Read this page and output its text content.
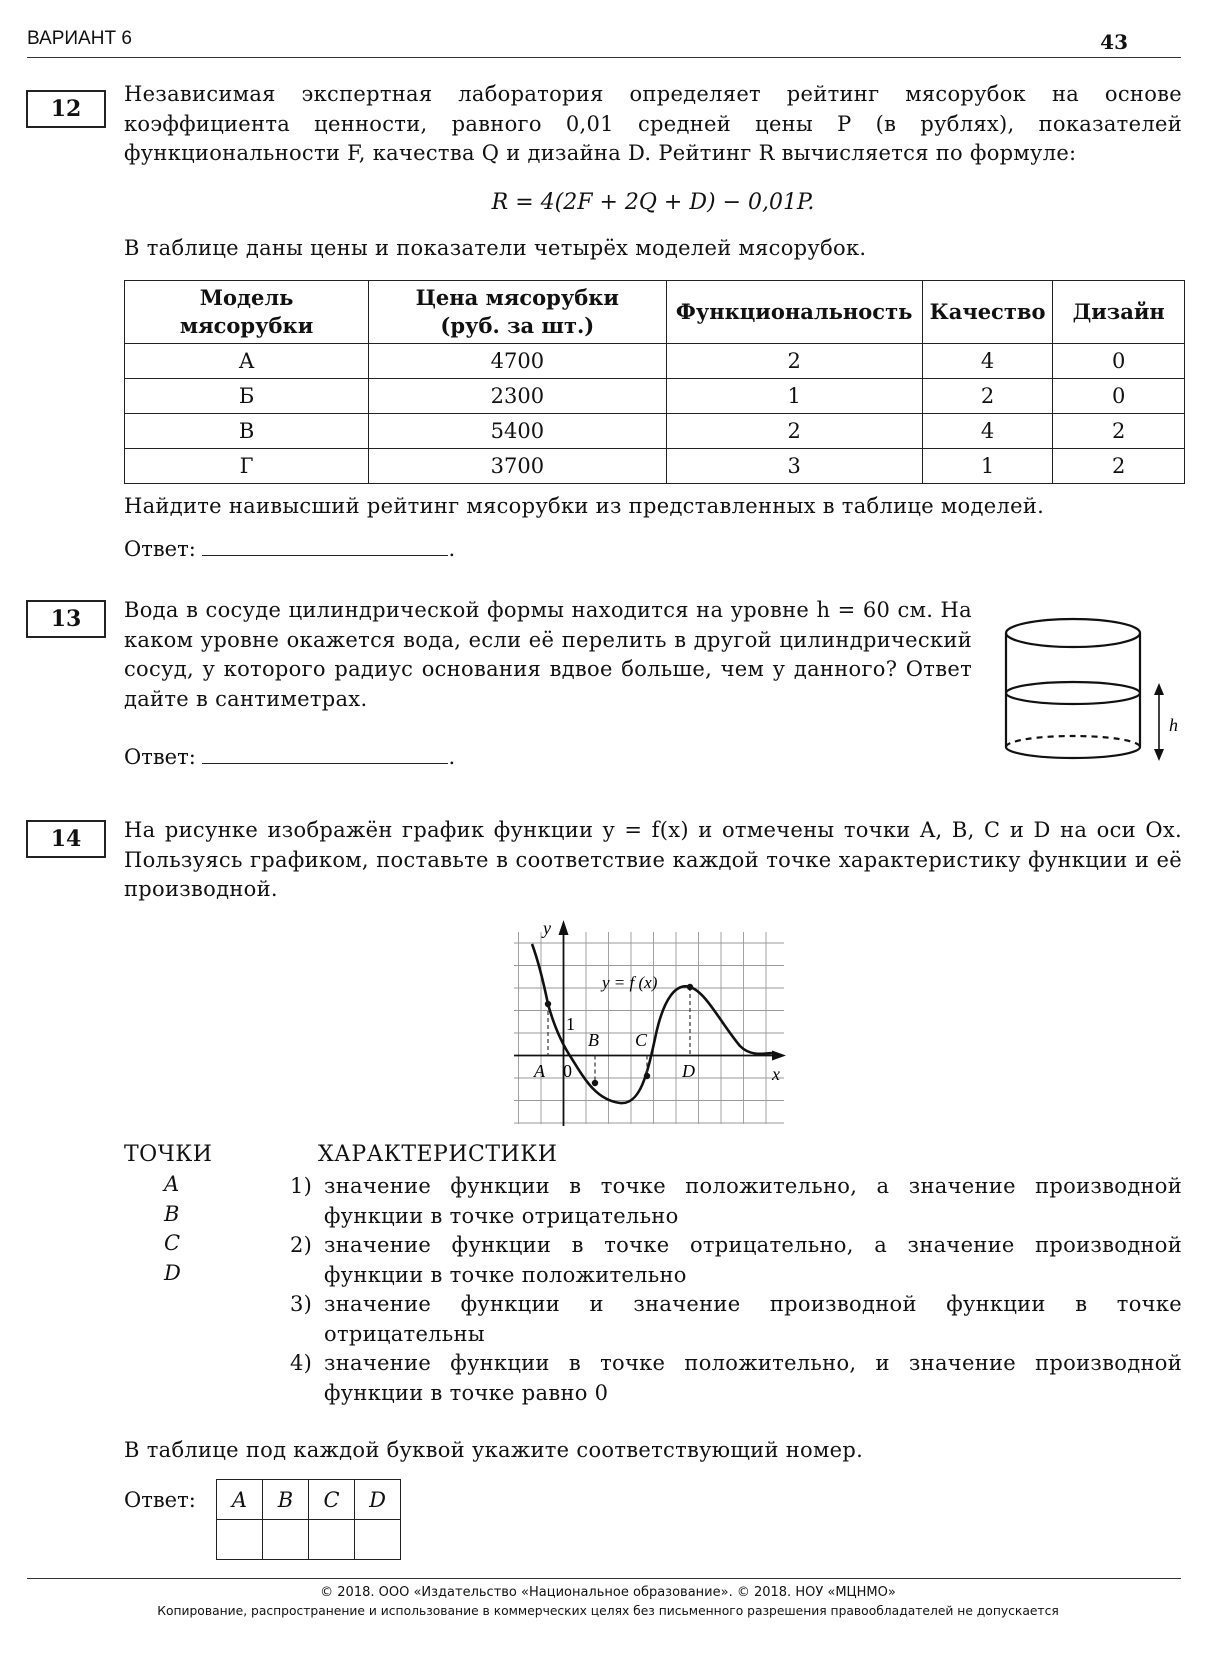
ВАРИАНТ 6	43
12

Независимая экспертная лаборатория определяет рейтинг мясорубок на основе коэффициента ценности, равного 0,01 средней цены P (в рублях), показателей функциональности F, качества Q и дизайна D. Рейтинг R вычисляется по формуле:

R = 4(2F + 2Q + D) − 0,01P.
В таблице даны цены и показатели четырёх моделей мясорубок.
Модель мясорубки	Цена мясорубки (руб. за шт.)	Функциональность	Качество	Дизайн
А	4700	2	4	0
Б	2300	1	2	0
В	5400	2	4	2
Г	3700	3	1	2
Найдите наивысший рейтинг мясорубки из представленных в таблице моделей.
Ответ:	.
13	Вода в сосуде цилиндрической формы находится на уровне h = 60 см. На каком уровне окажется вода, если её перелить в другой цилиндрический сосуд, у которого радиус основания вдвое больше, чем у данного? Ответ дайте в сантиметрах.
Ответ:	.
h
14	На рисунке изображён график функции y = f(x) и отмечены точки A, B, C и D на оси Ox. Пользуясь графиком, поставьте в соответствие каждой точке характеристику функции и её производной.
y
x
y = f (x)
1
0
A
B C
D
ТОЧКИ	ХАРАКТЕРИСТИКИ
A
B
C
D
1) значение функции в точке положительно, а значение производной функции в точке отрицательно
2) значение функции в точке отрицательно, а значение производной функции в точке положительно
3) значение функции и значение производной функции в точке отрицательны
4) значение функции в точке положительно, и значение производной функции в точке равно 0
В таблице под каждой буквой укажите соответствующий номер.
Ответ: A	B	C	D

© 2018. ООО «Издательство «Национальное образование». © 2018. НОУ «МЦНМО»
Копирование, распространение и использование в коммерческих целях без письменного разрешения правообладателей не допускается
